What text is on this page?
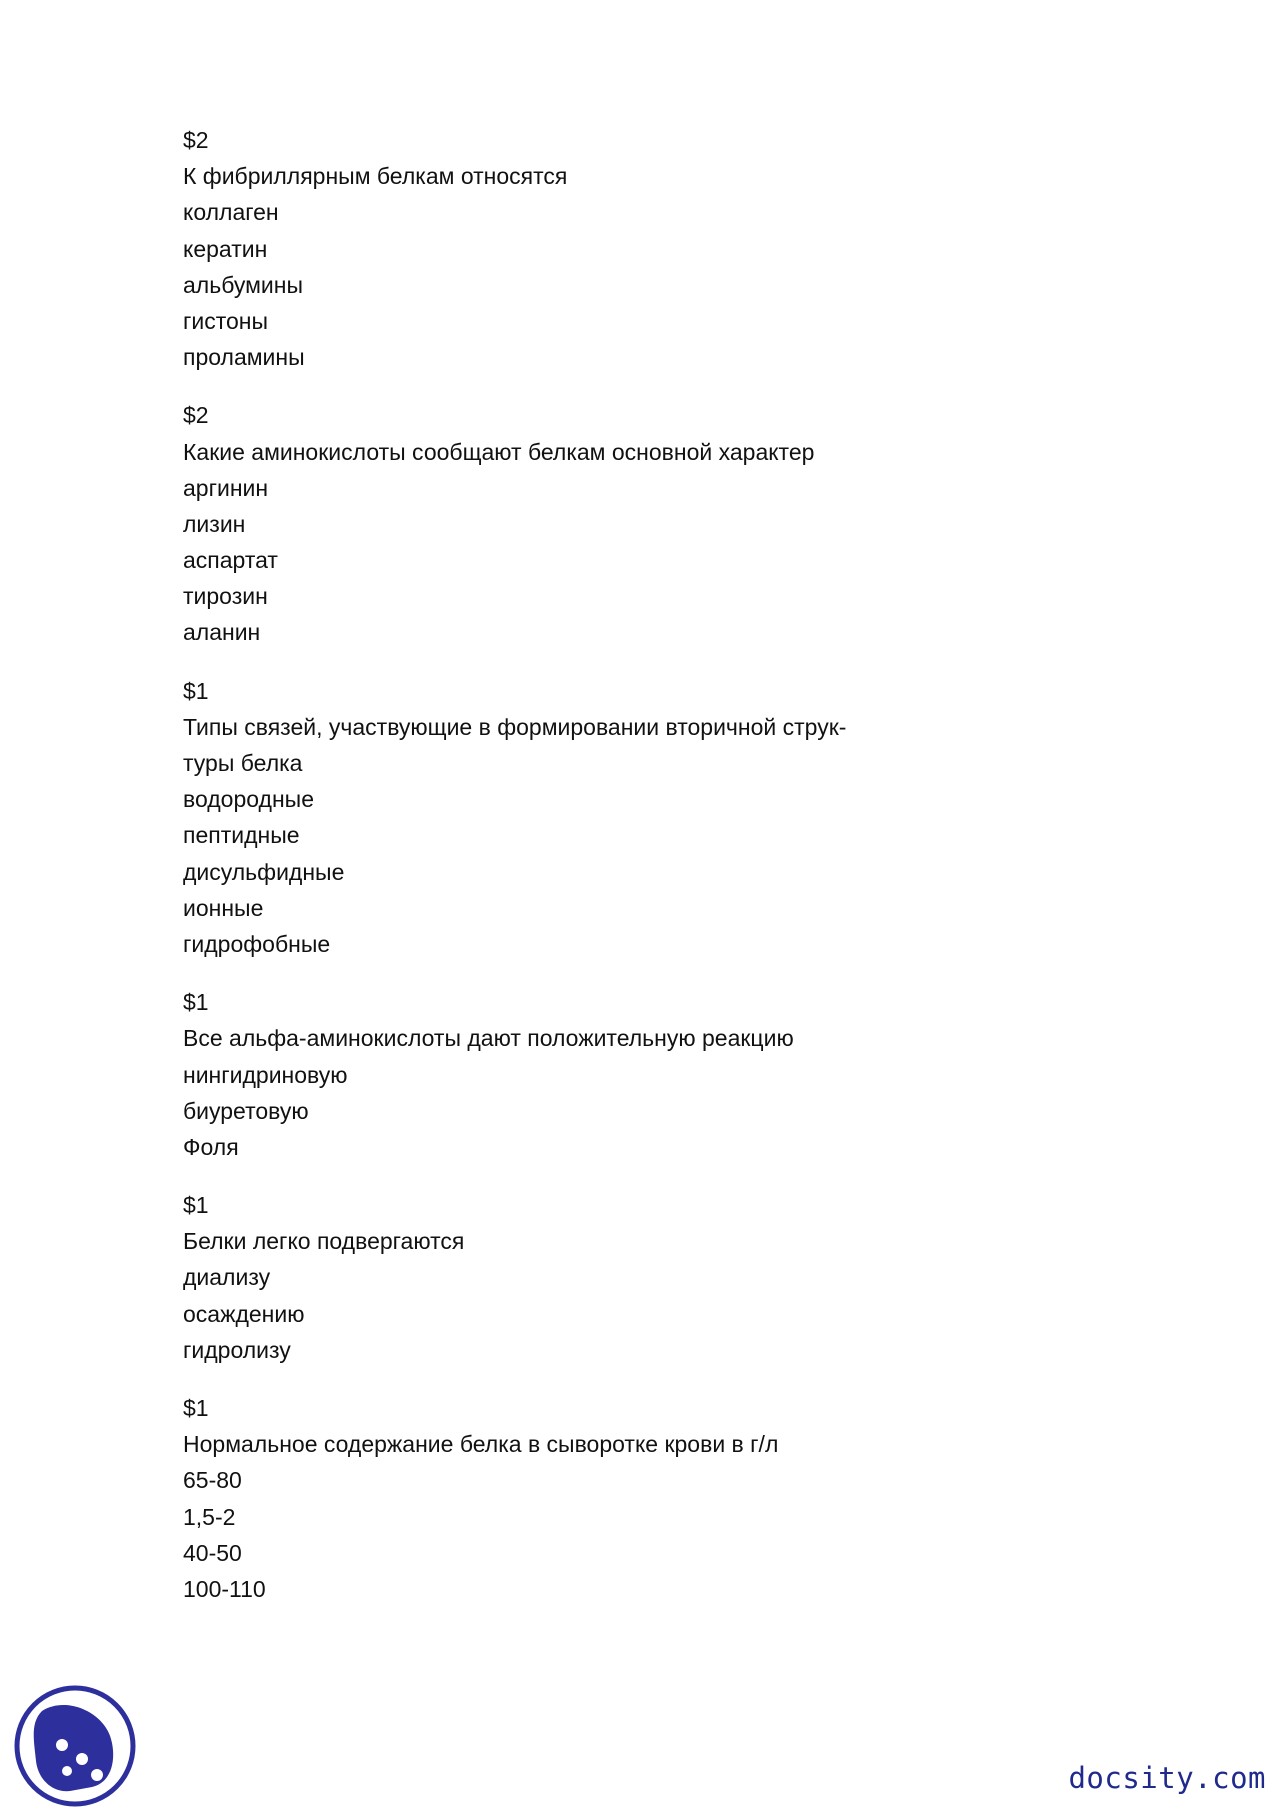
$2
К фибриллярным белкам относятся
коллаген
кератин
альбумины
гистоны
проламины
$2
Какие аминокислоты сообщают белкам основной характер
аргинин
лизин
аспартат
тирозин
аланин
$1
Типы связей, участвующие в формировании вторичной струк-
туры белка
водородные
пептидные
дисульфидные
ионные
гидрофобные
$1
Все альфа-аминокислоты дают положительную реакцию
нингидриновую
биуретовую
Фоля
$1
Белки легко подвергаются
диализу
осаждению
гидролизу
$1
Нормальное содержание белка в сыворотке крови в г/л
65-80
1,5-2
40-50
100-110
docsity.com
